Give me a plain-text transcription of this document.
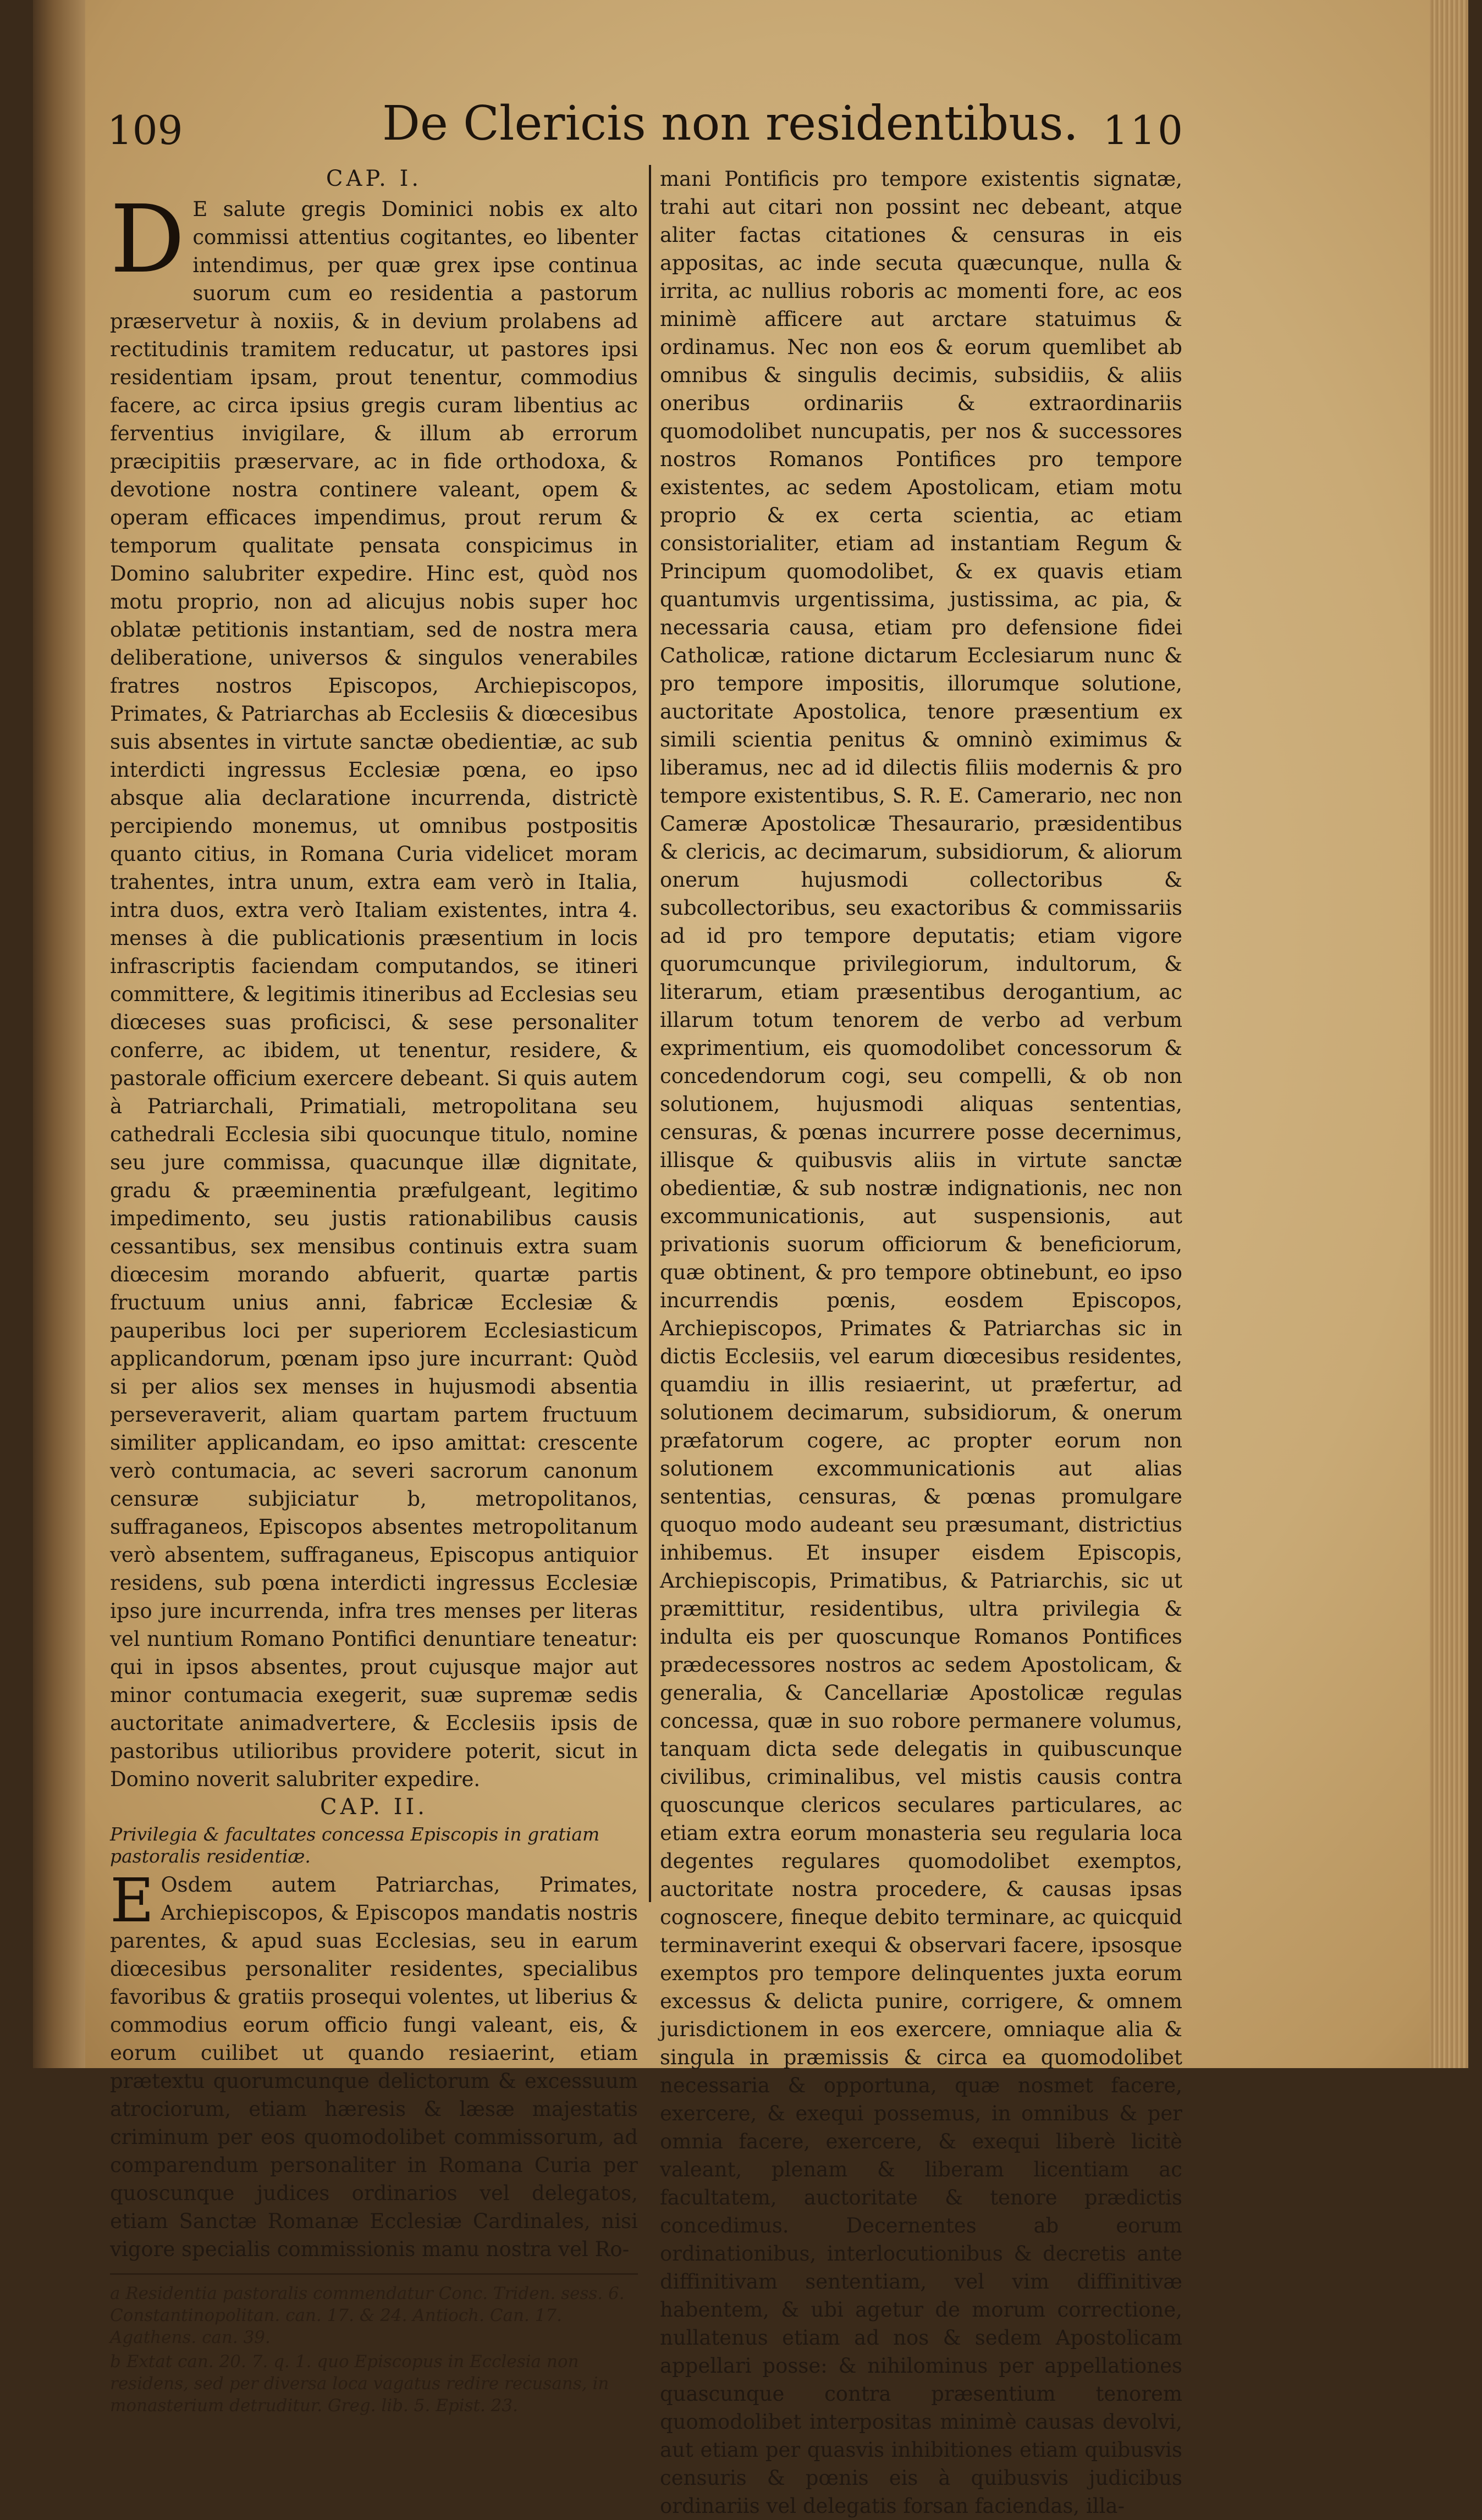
109	De Clericis non residentibus. 110
CAP. I.

D E salute gregis Dominici nobis ex alto commissi attentius cogitantes, eo libenter intendimus, per quæ grex ipse continua suorum cum eo residentia a pastorum præservetur à noxiis, & in devium prolabens ad rectitudinis tramitem reducatur, ut pastores ipsi residentiam ipsam, prout tenentur, commodius facere, ac circa ipsius gregis curam libentius ac ferventius invigilare, & illum ab errorum præcipitiis præservare, ac in fide orthodoxa, & devotione nostra continere valeant, opem & operam efficaces impendimus, prout rerum & temporum qualitate pensata conspicimus in Domino salubriter expedire. Hinc est, quòd nos motu proprio, non ad alicujus nobis super hoc oblatæ petitionis instantiam, sed de nostra mera deliberatione, universos & singulos venerabiles fratres nostros Episcopos, Archiepiscopos, Primates, & Patriarchas ab Ecclesiis & diœcesibus suis absentes in virtute sanctæ obedientiæ, ac sub interdicti ingressus Ecclesiæ pœna, eo ipso absque alia declaratione incurrenda, districtè percipiendo monemus, ut omnibus postpositis quanto citius, in Romana Curia videlicet moram trahentes, intra unum, extra eam verò in Italia, intra duos, extra verò Italiam existentes, intra 4. menses à die publicationis præsentium in locis infrascriptis faciendam computandos, se itineri committere, & legitimis itineribus ad Ecclesias seu diœceses suas proficisci, & sese personaliter conferre, ac ibidem, ut tenentur, residere, & pastorale officium exercere debeant. Si quis autem à Patriarchali, Primatiali, metropolitana seu cathedrali Ecclesia sibi quocunque titulo, nomine seu jure commissa, quacunque illæ dignitate, gradu & præeminentia præfulgeant, legitimo impedimento, seu justis rationabilibus causis cessantibus, sex mensibus continuis extra suam diœcesim morando abfuerit, quartæ partis fructuum unius anni, fabricæ Ecclesiæ & pauperibus loci per superiorem Ecclesiasticum applicandorum, pœnam ipso jure incurrant: Quòd si per alios sex menses in hujusmodi absentia perseveraverit, aliam quartam partem fructuum similiter applicandam, eo ipso amittat: crescente verò contumacia, ac severi sacrorum canonum censuræ subjiciatur b, metropolitanos, suffraganeos, Episcopos absentes metropolitanum verò absentem, suffraganeus, Episcopus antiquior residens, sub pœna interdicti ingressus Ecclesiæ ipso jure incurrenda, infra tres menses per literas vel nuntium Romano Pontifici denuntiare teneatur: qui in ipsos absentes, prout cujusque major aut minor contumacia exegerit, suæ supremæ sedis auctoritate animadvertere, & Ecclesiis ipsis de pastoribus utilioribus providere poterit, sicut in Domino noverit salubriter expedire.

CAP. II.
Privilegia & facultates concessa Episcopis in gratiam pastoralis residentiæ.

E Osdem autem Patriarchas, Primates, Archiepiscopos, & Episcopos mandatis nostris parentes, & apud suas Ecclesias, seu in earum diœcesibus personaliter residentes, specialibus favoribus & gratiis prosequi volentes, ut liberius & commodius eorum officio fungi valeant, eis, & eorum cuilibet ut quando resiaerint, etiam prætextu quorumcunque delictorum & excessuum atrociorum, etiam hæresis & læsæ majestatis criminum per eos quomodolibet commissorum, ad comparendum personaliter in Romana Curia per quoscunque judices ordinarios vel delegatos, etiam Sanctæ Romanæ Ecclesiæ Cardinales, nisi vigore specialis commissionis manu nostra vel Ro-

a Residentia pastoralis commendatur Conc. Triden. sess. 6. Constantinopolitan. can. 17. & 24. Antioch. Can. 17. Agathens. can. 39.

b Extat can. 20. 7. q. 1. quo Episcopus in Ecclesia non residens, sed per diversa loca vagatus redire recusans, in monasterium detruditur. Greg. lib. 5. Epist. 23.

mani Pontificis pro tempore existentis signatæ, trahi aut citari non possint nec debeant, atque aliter factas citationes & censuras in eis appositas, ac inde secuta quæcunque, nulla & irrita, ac nullius roboris ac momenti fore, ac eos minimè afficere aut arctare statuimus & ordinamus. Nec non eos & eorum quemlibet ab omnibus & singulis decimis, subsidiis, & aliis oneribus ordinariis & extraordinariis quomodolibet nuncupatis, per nos & successores nostros Romanos Pontifices pro tempore existentes, ac sedem Apostolicam, etiam motu proprio & ex certa scientia, ac etiam consistorialiter, etiam ad instantiam Regum & Principum quomodolibet, & ex quavis etiam quantumvis urgentissima, justissima, ac pia, & necessaria causa, etiam pro defensione fidei Catholicæ, ratione dictarum Ecclesiarum nunc & pro tempore impositis, illorumque solutione, auctoritate Apostolica, tenore præsentium ex simili scientia penitus & omninò eximimus & liberamus, nec ad id dilectis filiis modernis & pro tempore existentibus, S. R. E. Camerario, nec non Cameræ Apostolicæ Thesaurario, præsidentibus & clericis, ac decimarum, subsidiorum, & aliorum onerum hujusmodi collectoribus & subcollectoribus, seu exactoribus & commissariis ad id pro tempore deputatis; etiam vigore quorumcunque privilegiorum, indultorum, & literarum, etiam præsentibus derogantium, ac illarum totum tenorem de verbo ad verbum exprimentium, eis quomodolibet concessorum & concedendorum cogi, seu compelli, & ob non solutionem, hujusmodi aliquas sententias, censuras, & pœnas incurrere posse decernimus, illisque & quibusvis aliis in virtute sanctæ obedientiæ, & sub nostræ indignationis, nec non excommunicationis, aut suspensionis, aut privationis suorum officiorum & beneficiorum, quæ obtinent, & pro tempore obtinebunt, eo ipso incurrendis pœnis, eosdem Episcopos, Archiepiscopos, Primates & Patriarchas sic in dictis Ecclesiis, vel earum diœcesibus residentes, quamdiu in illis resiaerint, ut præfertur, ad solutionem decimarum, subsidiorum, & onerum præfatorum cogere, ac propter eorum non solutionem excommunicationis aut alias sententias, censuras, & pœnas promulgare quoquo modo audeant seu præsumant, districtius inhibemus. Et insuper eisdem Episcopis, Archiepiscopis, Primatibus, & Patriarchis, sic ut præmittitur, residentibus, ultra privilegia & indulta eis per quoscunque Romanos Pontifices prædecessores nostros ac sedem Apostolicam, & generalia, & Cancellariæ Apostolicæ regulas concessa, quæ in suo robore permanere volumus, tanquam dicta sede delegatis in quibuscunque civilibus, criminalibus, vel mistis causis contra quoscunque clericos seculares particulares, ac etiam extra eorum monasteria seu regularia loca degentes regulares quomodolibet exemptos, auctoritate nostra procedere, & causas ipsas cognoscere, fineque debito terminare, ac quicquid terminaverint exequi & observari facere, ipsosque exemptos pro tempore delinquentes juxta eorum excessus & delicta punire, corrigere, & omnem jurisdictionem in eos exercere, omniaque alia & singula in præmissis & circa ea quomodolibet necessaria & opportuna, quæ nosmet facere, exercere, & exequi possemus, in omnibus & per omnia facere, exercere, & exequi liberè licitè valeant, plenam & liberam licentiam ac facultatem, auctoritate & tenore prædictis concedimus. Decernentes ab eorum ordinationibus, interlocutionibus & decretis ante diffinitivam sententiam, vel vim diffinitivæ habentem, & ubi agetur de morum correctione, nullatenus etiam ad nos & sedem Apostolicam appellari posse: & nihilominus per appellationes quascunque contra præsentium tenorem quomodolibet interpositas minimè causas devolvi, aut etiam per quasvis inhibitiones etiam quibusvis censuris & pœnis eis à quibusvis judicibus ordinariis vel delegatis forsan faciendas, illa-
